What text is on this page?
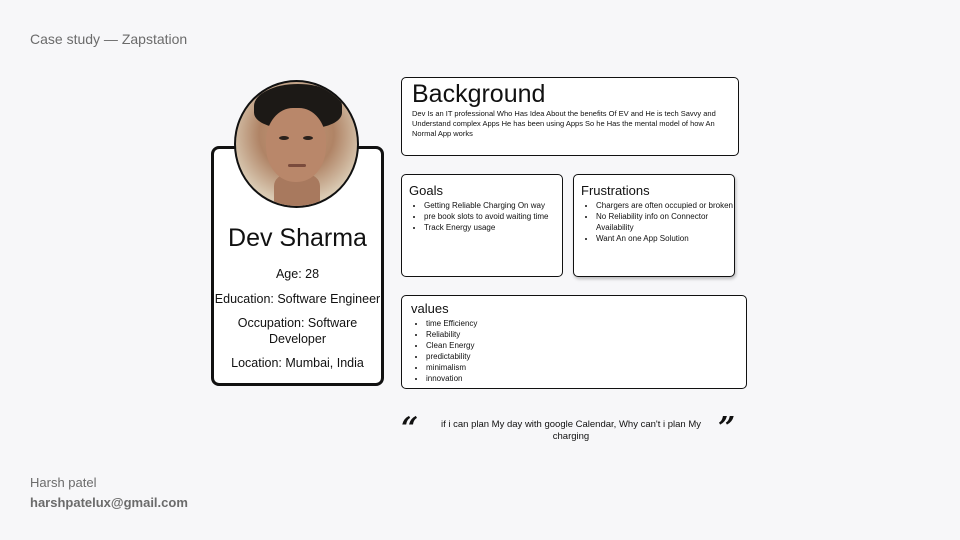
Case study — Zapstation
Dev Sharma
Age: 28
Education: Software Engineer
Occupation: Software Developer
Location: Mumbai, India
Background
Dev Is an IT professional Who Has Idea About the benefits Of EV and He is tech Savvy and Understand complex Apps He has been using Apps So he Has the mental model of how An Normal App works
Goals
• Getting Reliable Charging On way
• pre book slots to avoid waiting time
• Track Energy usage
Frustrations
• Chargers are often occupied or broken
• No Reliability info on Connector Availability
• Want An one App Solution
values
• time Efficiency
• Reliability
• Clean Energy
• predictability
• minimalism
• innovation
“	if i can plan My day with google Calendar, Why can't i plan My charging	”
Harsh patel
harshpatelux@gmail.com
